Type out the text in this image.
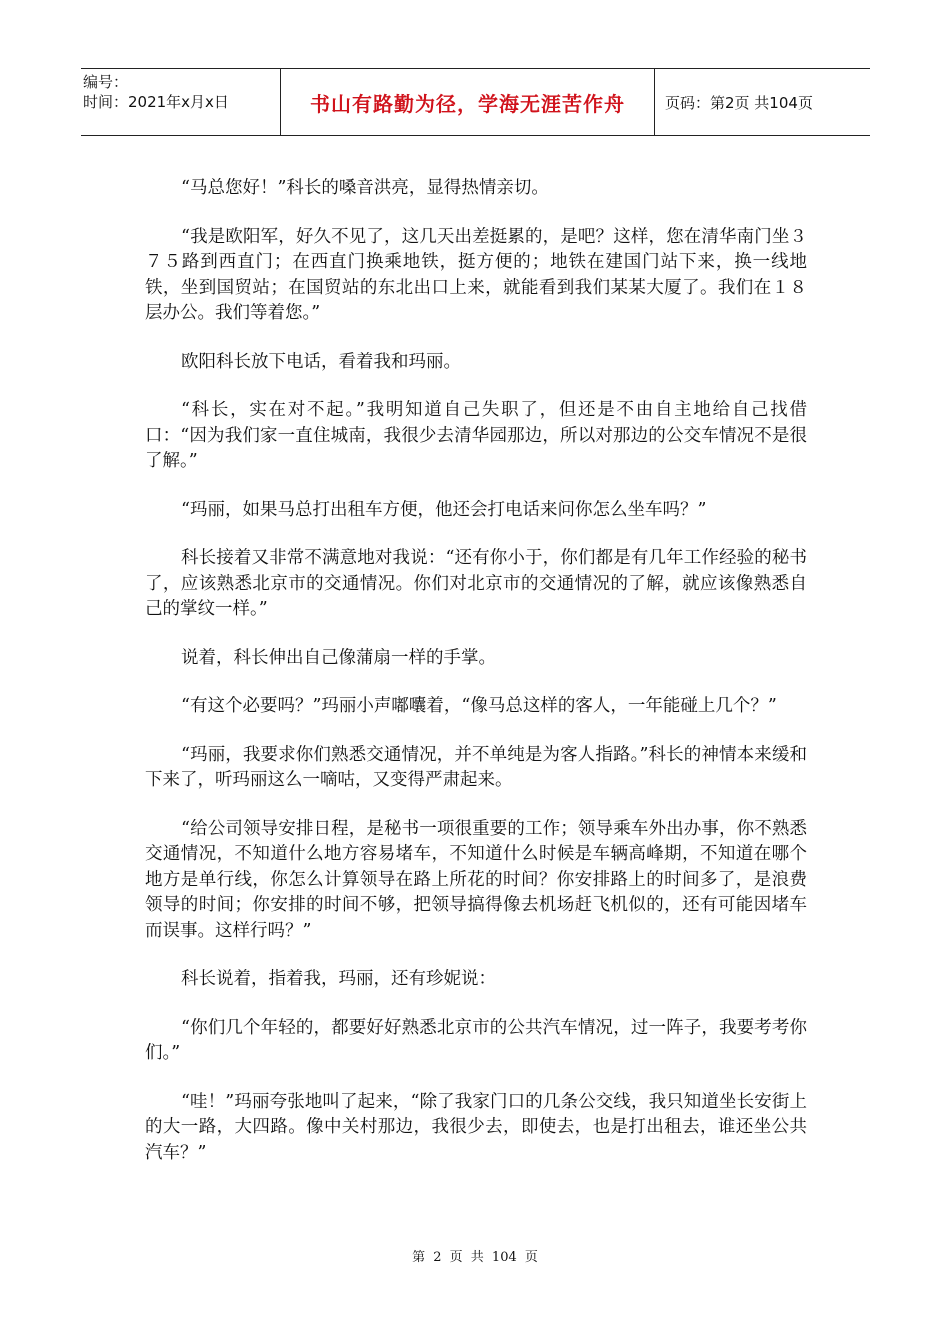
编号：
时间：2021年x月x日	书山有路勤为径，学海无涯苦作舟	页码：第2页 共104页

“马总您好！”科长的嗓音洪亮，显得热情亲切。

“我是欧阳军，好久不见了，这几天出差挺累的，是吧？这样，您在清华南门坐３７５路到西直门；在西直门换乘地铁，挺方便的；地铁在建国门站下来，换一线地铁，坐到国贸站；在国贸站的东北出口上来，就能看到我们某某大厦了。我们在１８层办公。我们等着您。”

欧阳科长放下电话，看着我和玛丽。

“科长，实在对不起。”我明知道自己失职了，但还是不由自主地给自己找借口：“因为我们家一直住城南，我很少去清华园那边，所以对那边的公交车情况不是很了解。”

“玛丽，如果马总打出租车方便，他还会打电话来问你怎么坐车吗？”

科长接着又非常不满意地对我说：“还有你小于，你们都是有几年工作经验的秘书了，应该熟悉北京市的交通情况。你们对北京市的交通情况的了解，就应该像熟悉自己的掌纹一样。”

说着，科长伸出自己像蒲扇一样的手掌。

“有这个必要吗？”玛丽小声嘟囔着，“像马总这样的客人，一年能碰上几个？”

“玛丽，我要求你们熟悉交通情况，并不单纯是为客人指路。”科长的神情本来缓和下来了，听玛丽这么一嘀咕，又变得严肃起来。

“给公司领导安排日程，是秘书一项很重要的工作；领导乘车外出办事，你不熟悉交通情况，不知道什么地方容易堵车，不知道什么时候是车辆高峰期，不知道在哪个地方是单行线，你怎么计算领导在路上所花的时间？你安排路上的时间多了，是浪费领导的时间；你安排的时间不够，把领导搞得像去机场赶飞机似的，还有可能因堵车而误事。这样行吗？”

科长说着，指着我，玛丽，还有珍妮说：

“你们几个年轻的，都要好好熟悉北京市的公共汽车情况，过一阵子，我要考考你们。”

“哇！”玛丽夸张地叫了起来，“除了我家门口的几条公交线，我只知道坐长安街上的大一路，大四路。像中关村那边，我很少去，即使去，也是打出租去，谁还坐公共汽车？”

第 2 页 共 104 页
